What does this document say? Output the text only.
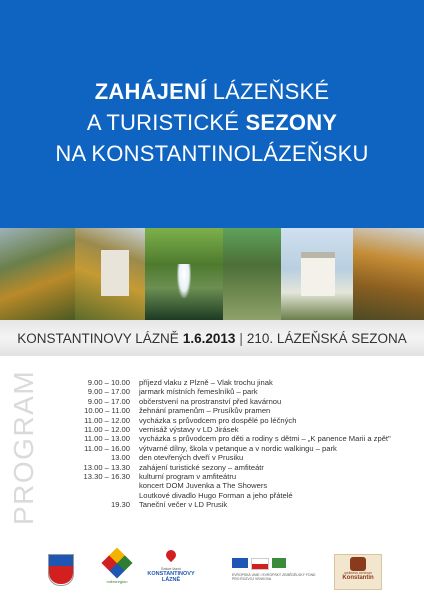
ZAHÁJENÍ LÁZEŇSKÉ
A TURISTICKÉ SEZONY
NA KONSTANTINOLÁZEŇSKU
KONSTANTINOVY LÁZNĚ 1.6.2013 | 210. LÁZEŇSKÁ SEZONA
PROGRAM	9.00 – 10.00 příjezd vlaku z Plzně – Vlak trochu jinak
9.00 – 17.00 jarmark místních řemeslníků – park
9.00 – 17.00 občerstvení na prostranství před kavárnou
10.00 – 11.00 žehnání pramenům – Prusíkův pramen
11.00 – 12.00 vycházka s průvodcem pro dospělé po léčných
11.00 – 12.00 vernisáž výstavy v LD Jirásek
11.00 – 13.00 vycházka s průvodcem pro děti a rodiny s dětmi – „K panence Marii a zpět"
11.00 – 16.00 výtvarné dílny, škola v petanque a v nordic walkingu – park
13.00 den otevřených dveří v Prusiku
13.00 – 13.30 zahájení turistické sezony – amfiteátr
13.30 – 16.30 kulturní program v amfiteátru
koncert DOM Juvenka a The Showers
Loutkové divadlo Hugo Forman a jeho přátelé
19.30 Taneční večer v LD Prusik
mikroregion
Srdce lázní
KONSTANTINOVY LÁZNĚ
EVROPSKÁ UNIE / EVROPSKÝ ZEMĚDĚLSKÝ FOND PRO ROZVOJ VENKOVA
wellness centrum
Konstantin
